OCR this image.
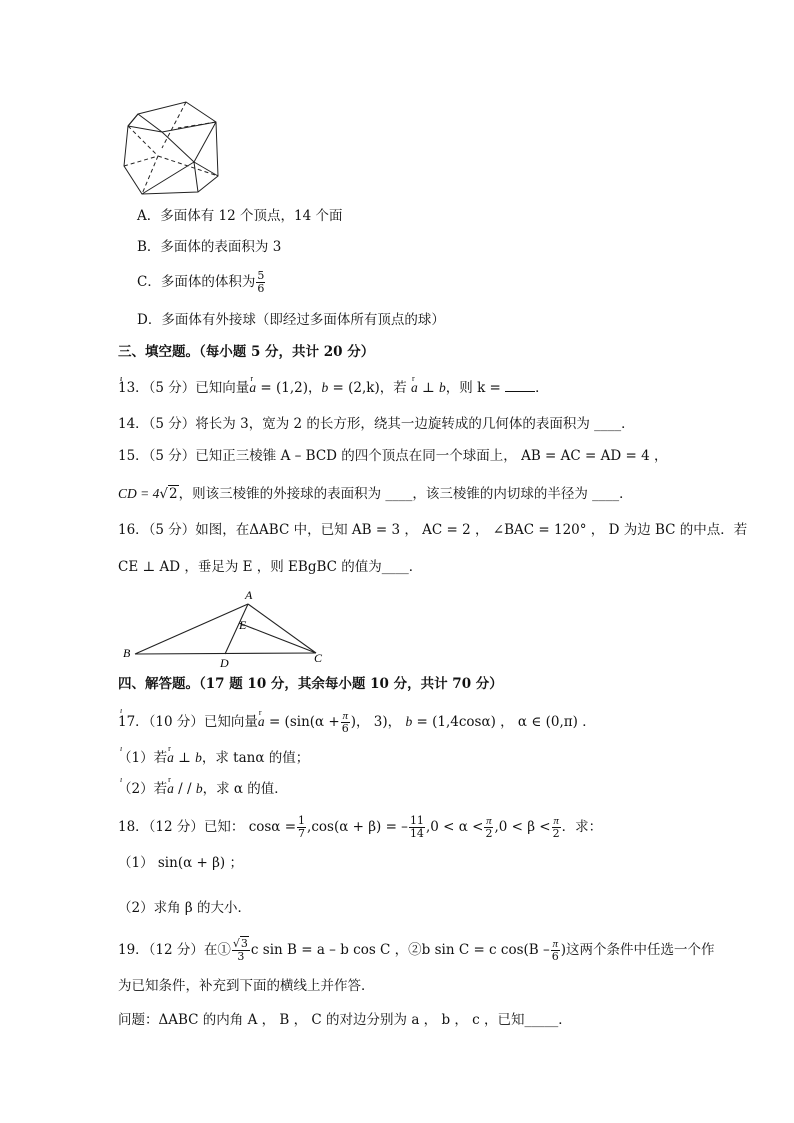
A．多面体有 12 个顶点，14 个面
B．多面体的表面积为 3
C．多面体的体积为 $\frac{5}{6}$
D．多面体有外接球（即经过多面体所有顶点的球）
三、填空题。（每小题 5 分，共计 20 分）
13．（5 分）已知向量r a = (1,2)，ı b = (2,k)，若 r a ⊥ ı b，则 k = ．
14．（5 分）将长为 3，宽为 2 的长方形，绕其一边旋转成的几何体的表面积为 ____．
15．（5 分）已知正三棱锥 A – BCD 的四个顶点在同一个球面上， AB = AC = AD = 4 ，
CD = 4√2，则该三棱锥的外接球的表面积为 ____，该三棱锥的内切球的半径为 ____．
16．（5 分）如图，在ΔABC 中，已知 AB = 3 ， AC = 2 ， ∠BAC = 120° ， D 为边 BC 的中点．若
CE ⊥ AD ，垂足为 E ，则 EBgBC 的值为____．
A
E
B
D	C
四、解答题。（17 题 10 分，其余每小题 10 分，共计 70 分）
17．（10 分）已知向量r $a = (\sin(\alpha + \frac{\pi}{6}$ )， 3)， ı b = (1,4cosα) ， α ∈ (0,π) ．
（1）若r a ⊥ ı b，求 tanα 的值；
（2）若r a / / ı b，求 α 的值．
18．（12 分）已知： $\cos\alpha = \frac{1}{7} ,\cos(\alpha + \beta)$ = – $\frac{11}{14} ,0 < \alpha < \frac{\pi}{2} ,0 < \beta < \frac{\pi}{2}$ ．求：
（1） sin(α + β) ；
（2）求角 β 的大小．
19．（12 分）在① $\frac{√3}{3}$ c sin B = a – b cos C ，②b sin C = c $\cos(B - \frac{\pi}{6}$ )这两个条件中任选一个作
为已知条件，补充到下面的横线上并作答．
问题：ΔABC 的内角 A ， B ， C 的对边分别为 a ， b ， c ，已知_____．
